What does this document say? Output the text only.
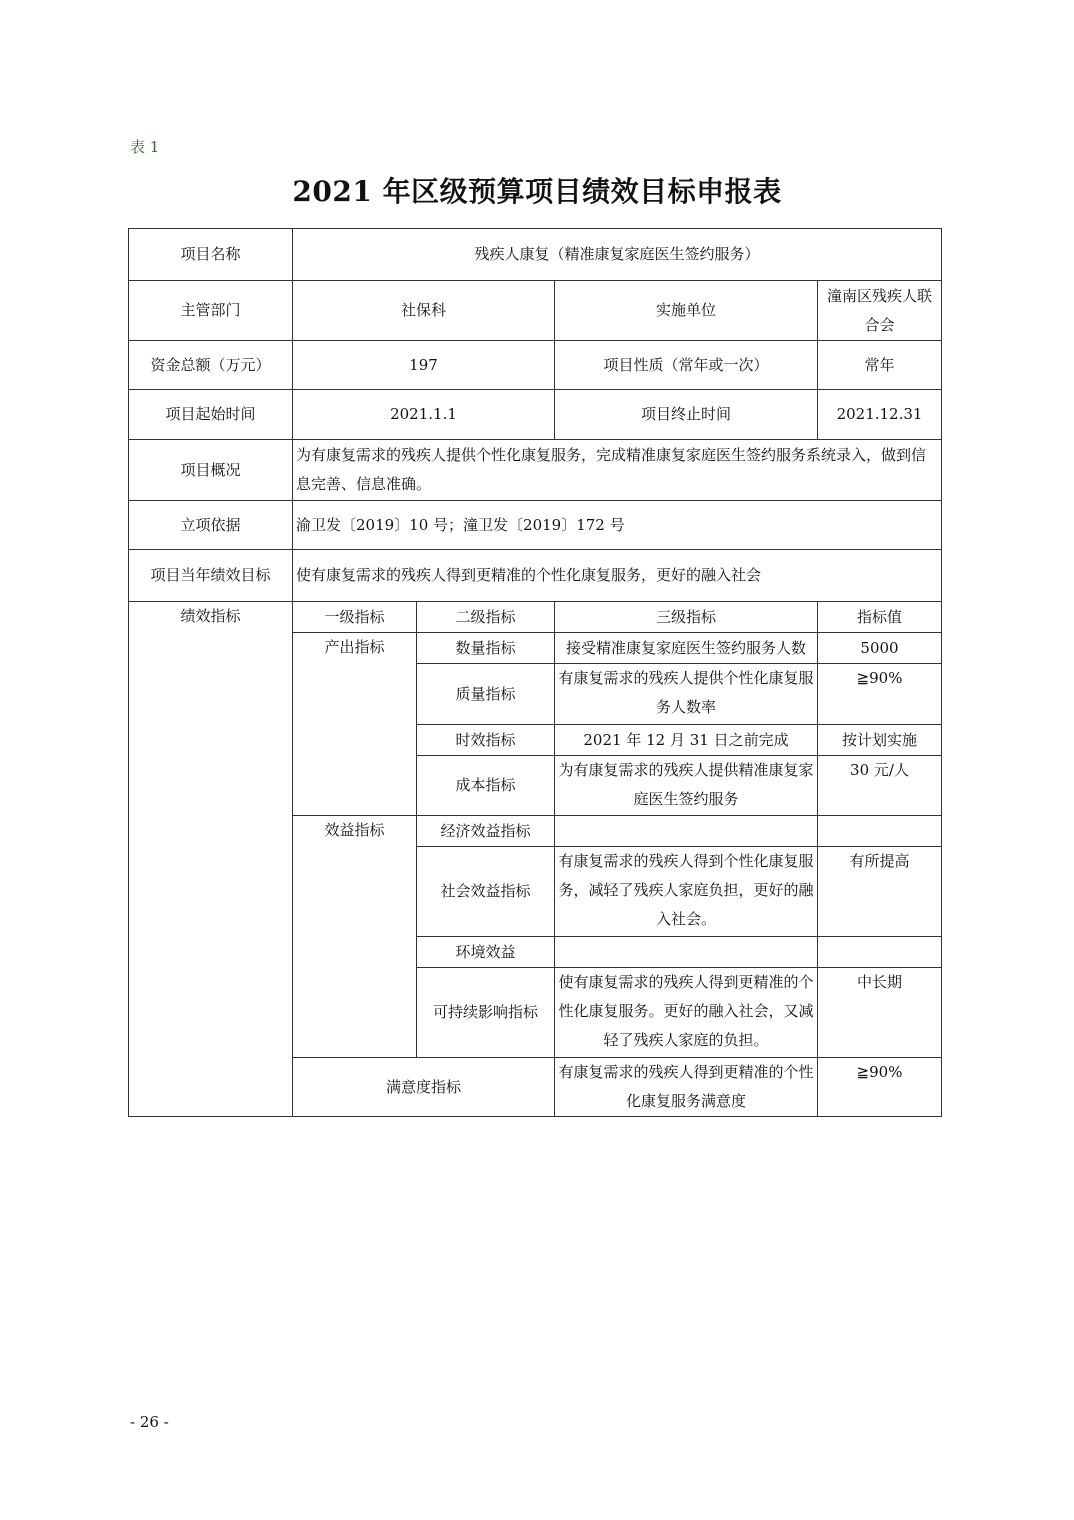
表 1
2021 年区级预算项目绩效目标申报表
项目名称	残疾人康复（精准康复家庭医生签约服务）			
主管部门	社保科		实施单位	潼南区残疾人联合会
资金总额（万元）	197		项目性质（常年或一次）	常年
项目起始时间	2021.1.1		项目终止时间	2021.12.31
项目概况	为有康复需求的残疾人提供个性化康复服务，完成精准康复家庭医生签约服务系统录入，做到信息完善、信息准确。			
立项依据	渝卫发〔2019〕10 号；潼卫发〔2019〕172 号			
项目当年绩效目标	使有康复需求的残疾人得到更精准的个性化康复服务，更好的融入社会			
绩效指标	一级指标	二级指标	三级指标	指标值
	产出指标	数量指标	接受精准康复家庭医生签约服务人数	5000
		质量指标	有康复需求的残疾人提供个性化康复服务人数率	≧90%
		时效指标	2021 年 12 月 31 日之前完成	按计划实施
		成本指标	为有康复需求的残疾人提供精准康复家庭医生签约服务	30 元/人
	效益指标	经济效益指标		
		社会效益指标	有康复需求的残疾人得到个性化康复服务，减轻了残疾人家庭负担，更好的融入社会。	有所提高
		环境效益		
		可持续影响指标	使有康复需求的残疾人得到更精准的个性化康复服务。更好的融入社会，又减轻了残疾人家庭的负担。	中长期
	满意度指标		有康复需求的残疾人得到更精准的个性化康复服务满意度	≧90%
- 26 -
